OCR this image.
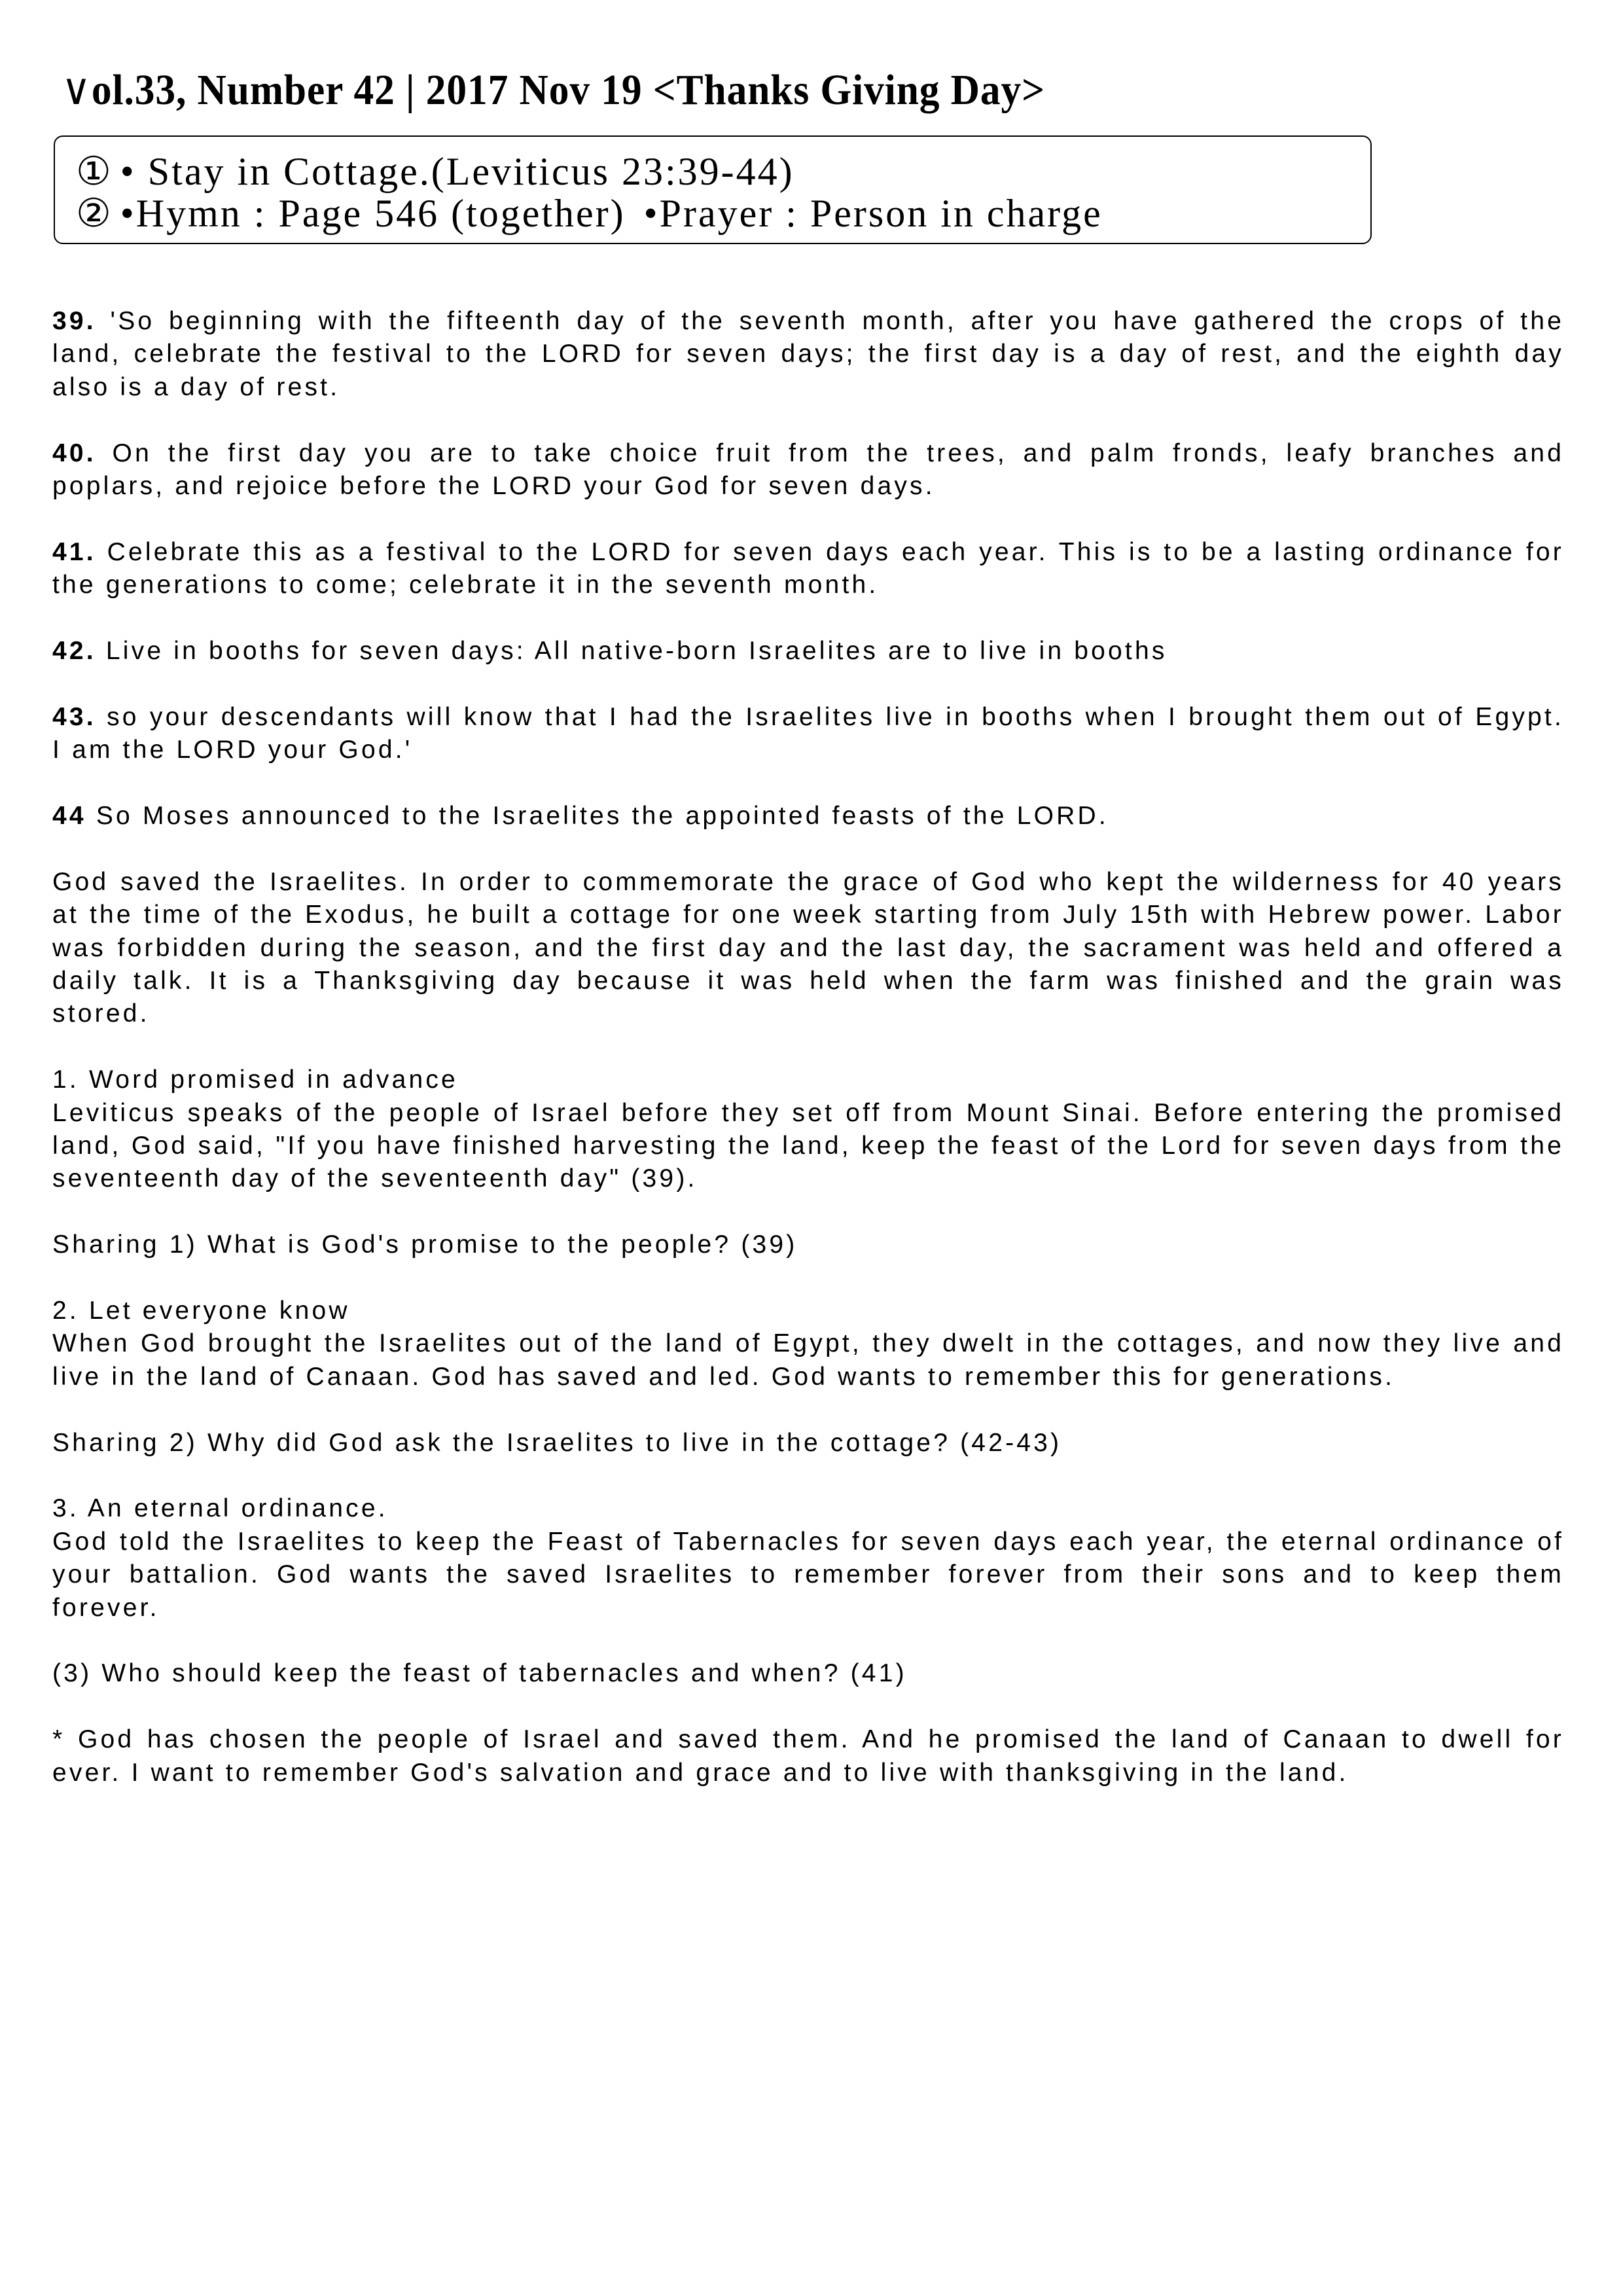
∨ol.33, Number 42 | 2017 Nov 19 <Thanks Giving Day>
① • Stay in Cottage.(Leviticus 23:39-44)
② •Hymn : Page 546 (together) •Prayer : Person in charge

39. 'So beginning with the fifteenth day of the seventh month, after you have gathered the crops of the land, celebrate the festival to the LORD for seven days; the first day is a day of rest, and the eighth day also is a day of rest.

40. On the first day you are to take choice fruit from the trees, and palm fronds, leafy branches and poplars, and rejoice before the LORD your God for seven days.

41. Celebrate this as a festival to the LORD for seven days each year. This is to be a lasting ordinance for the generations to come; celebrate it in the seventh month.

42. Live in booths for seven days: All native-born Israelites are to live in booths

43. so your descendants will know that I had the Israelites live in booths when I brought them out of Egypt. I am the LORD your God.'

44 So Moses announced to the Israelites the appointed feasts of the LORD.

God saved the Israelites. In order to commemorate the grace of God who kept the wilderness for 40 years at the time of the Exodus, he built a cottage for one week starting from July 15th with Hebrew power. Labor was forbidden during the season, and the first day and the last day, the sacrament was held and offered a daily talk. It is a Thanksgiving day because it was held when the farm was finished and the grain was stored.

1. Word promised in advance
Leviticus speaks of the people of Israel before they set off from Mount Sinai. Before entering the promised land, God said, "If you have finished harvesting the land, keep the feast of the Lord for seven days from the seventeenth day of the seventeenth day" (39).

Sharing 1) What is God's promise to the people? (39)

2. Let everyone know
When God brought the Israelites out of the land of Egypt, they dwelt in the cottages, and now they live and live in the land of Canaan. God has saved and led. God wants to remember this for generations.

Sharing 2) Why did God ask the Israelites to live in the cottage? (42-43)

3. An eternal ordinance.
God told the Israelites to keep the Feast of Tabernacles for seven days each year, the eternal ordinance of your battalion. God wants the saved Israelites to remember forever from their sons and to keep them forever.

(3) Who should keep the feast of tabernacles and when? (41)

* God has chosen the people of Israel and saved them. And he promised the land of Canaan to dwell for ever. I want to remember God's salvation and grace and to live with thanksgiving in the land.
